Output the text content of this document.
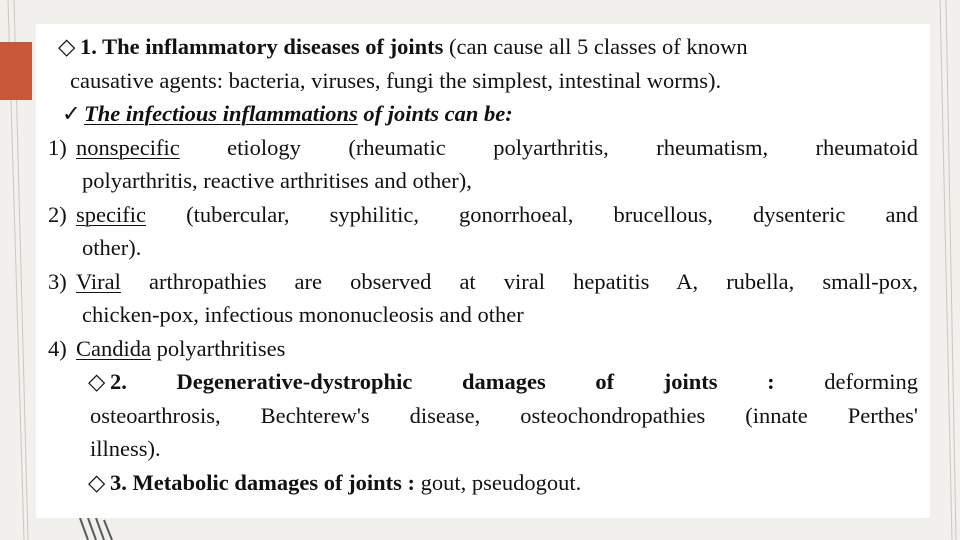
◇ 1. The inflammatory diseases of joints (can cause all 5 classes of known
causative agents: bacteria, viruses, fungi the simplest, intestinal worms).
✓ The infectious inflammations of joints can be:
1) nonspecific etiology (rheumatic polyarthritis, rheumatism, rheumatoid
polyarthritis, reactive arthritises and other),
2) specific (tubercular, syphilitic, gonorrhoeal, brucellous, dysenteric and
other).
3) Viral arthropathies are observed at viral hepatitis A, rubella, small-pox,
chicken-pox, infectious mononucleosis and other
4) Candida polyarthritises
◇ 2. Degenerative-dystrophic damages of joints : deforming
osteoarthrosis, Bechterew's disease, osteochondropathies (innate Perthes'
illness).
◇ 3. Metabolic damages of joints : gout, pseudogout.
